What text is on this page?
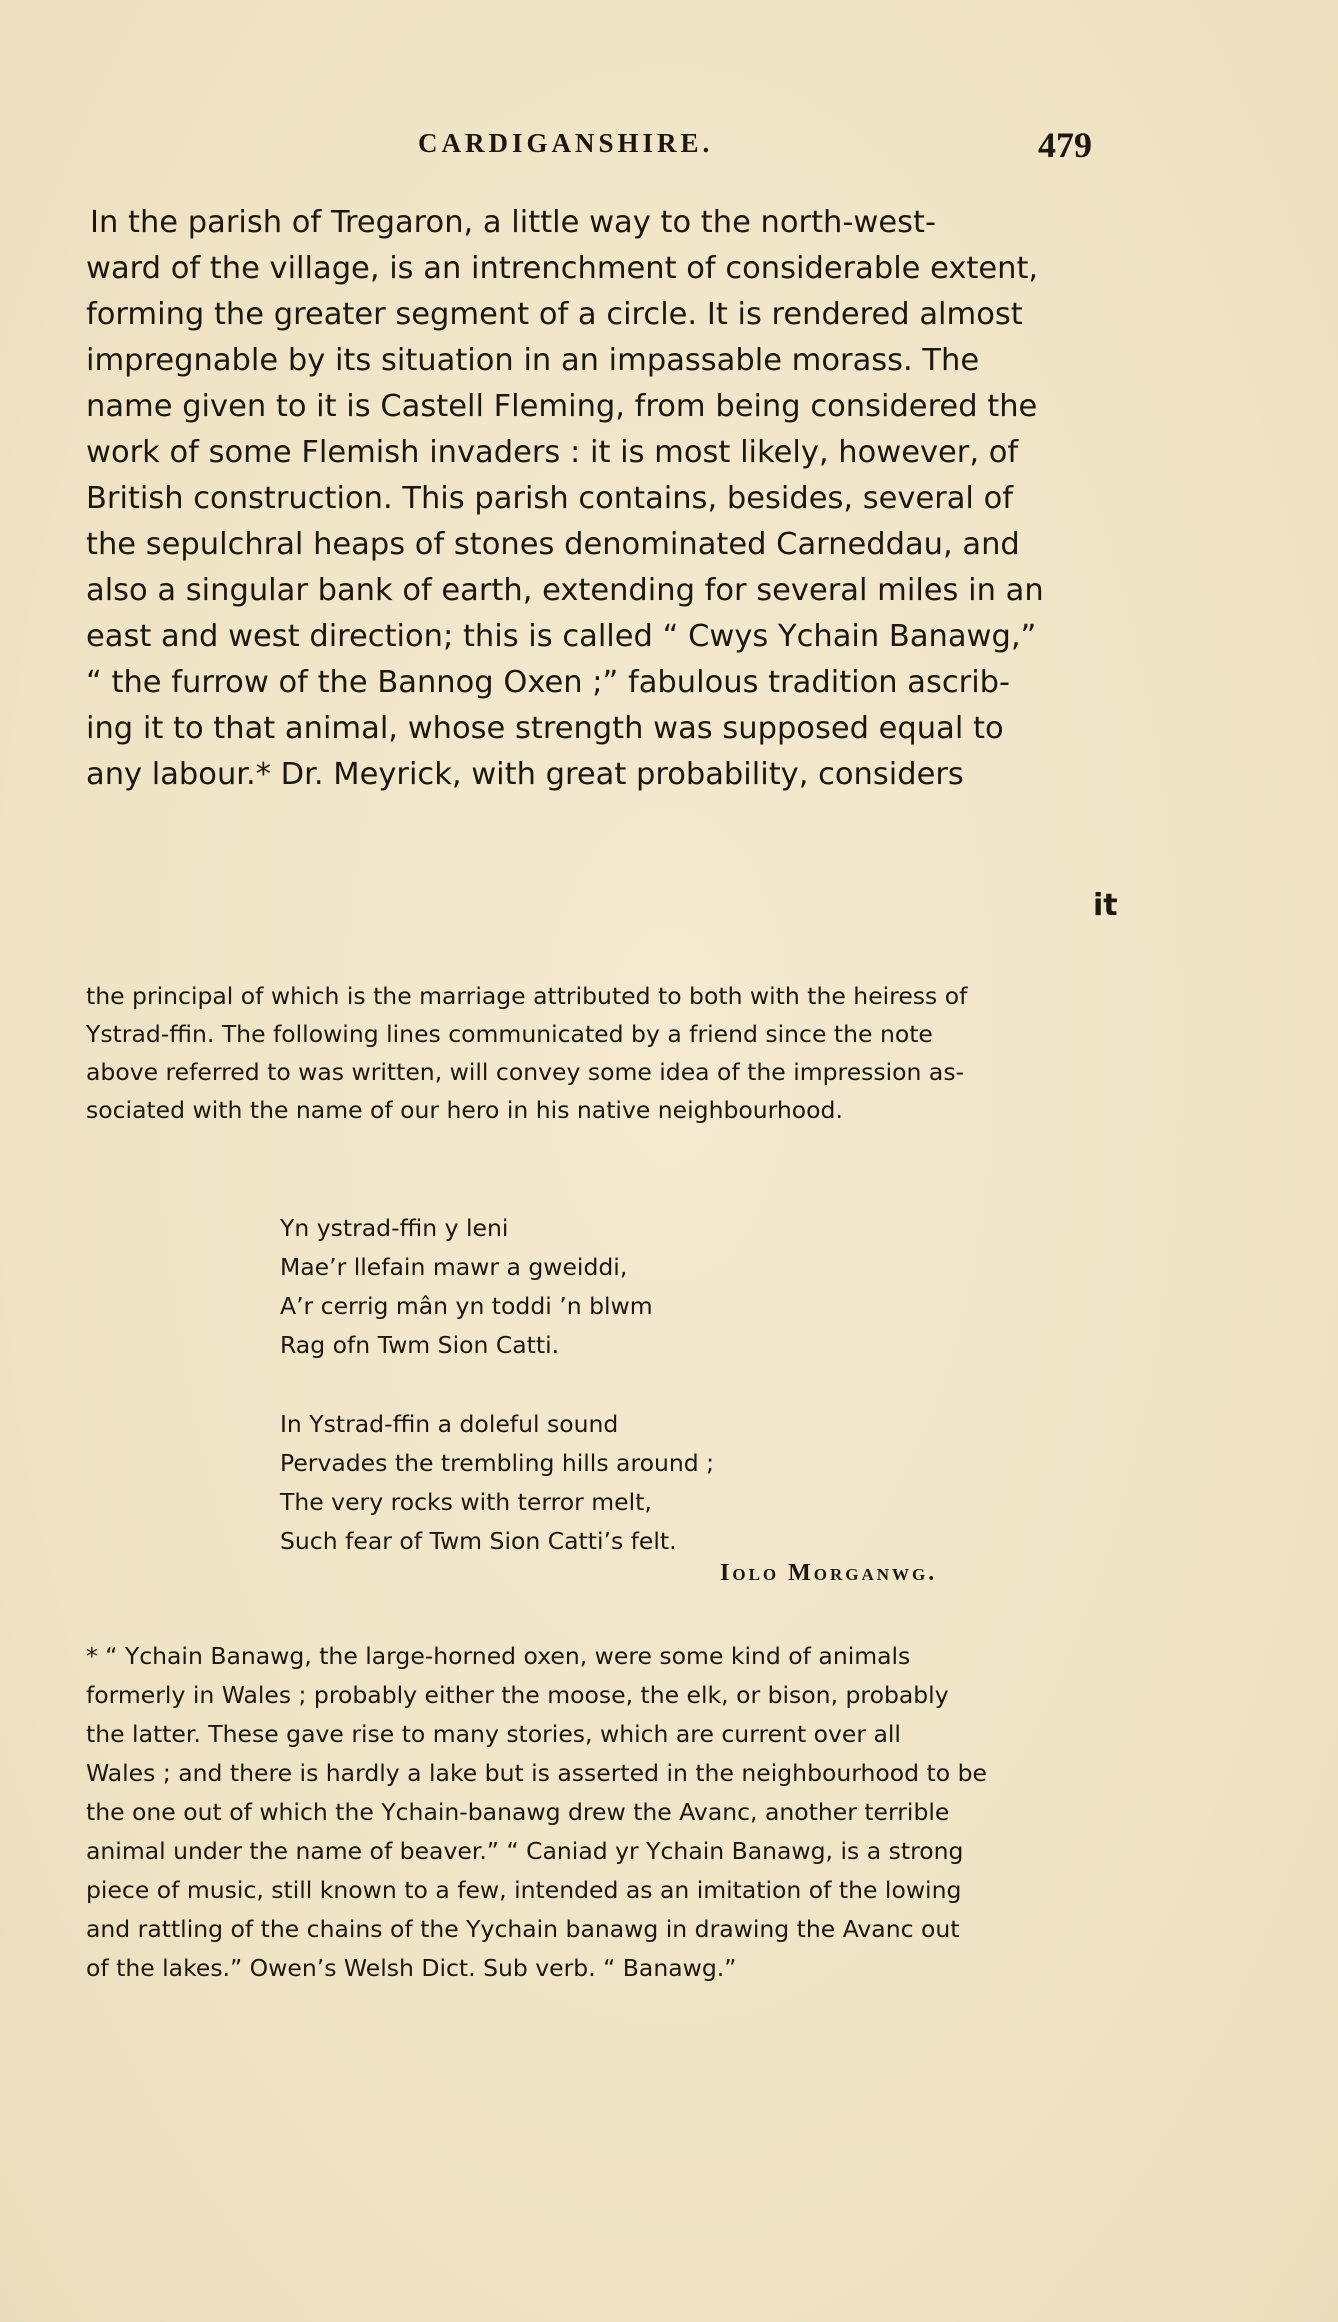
CARDIGANSHIRE.	479
In the parish of Tregaron, a little way to the north-west-
ward of the village, is an intrenchment of considerable extent,
forming the greater segment of a circle. It is rendered almost
impregnable by its situation in an impassable morass. The
name given to it is Castell Fleming, from being considered the
work of some Flemish invaders : it is most likely, however, of
British construction. This parish contains, besides, several of
the sepulchral heaps of stones denominated Carneddau, and
also a singular bank of earth, extending for several miles in an
east and west direction; this is called “ Cwys Ychain Banawg,”
“ the furrow of the Bannog Oxen ;” fabulous tradition ascrib-
ing it to that animal, whose strength was supposed equal to
any labour.* Dr. Meyrick, with great probability, considers
it
the principal of which is the marriage attributed to both with the heiress of
Ystrad-ffin. The following lines communicated by a friend since the note
above referred to was written, will convey some idea of the impression as-
sociated with the name of our hero in his native neighbourhood.
Yn ystrad-ffin y leni
Mae’r llefain mawr a gweiddi,
A’r cerrig mân yn toddi ’n blwm
Rag ofn Twm Sion Catti.
In Ystrad-ffin a doleful sound
Pervades the trembling hills around ;
The very rocks with terror melt,
Such fear of Twm Sion Catti’s felt.
Iolo Morganwg.
* “ Ychain Banawg, the large-horned oxen, were some kind of animals
formerly in Wales ; probably either the moose, the elk, or bison, probably
the latter. These gave rise to many stories, which are current over all
Wales ; and there is hardly a lake but is asserted in the neighbourhood to be
the one out of which the Ychain-banawg drew the Avanc, another terrible
animal under the name of beaver.” “ Caniad yr Ychain Banawg, is a strong
piece of music, still known to a few, intended as an imitation of the lowing
and rattling of the chains of the Yychain banawg in drawing the Avanc out
of the lakes.” Owen’s Welsh Dict. Sub verb. “ Banawg.”
